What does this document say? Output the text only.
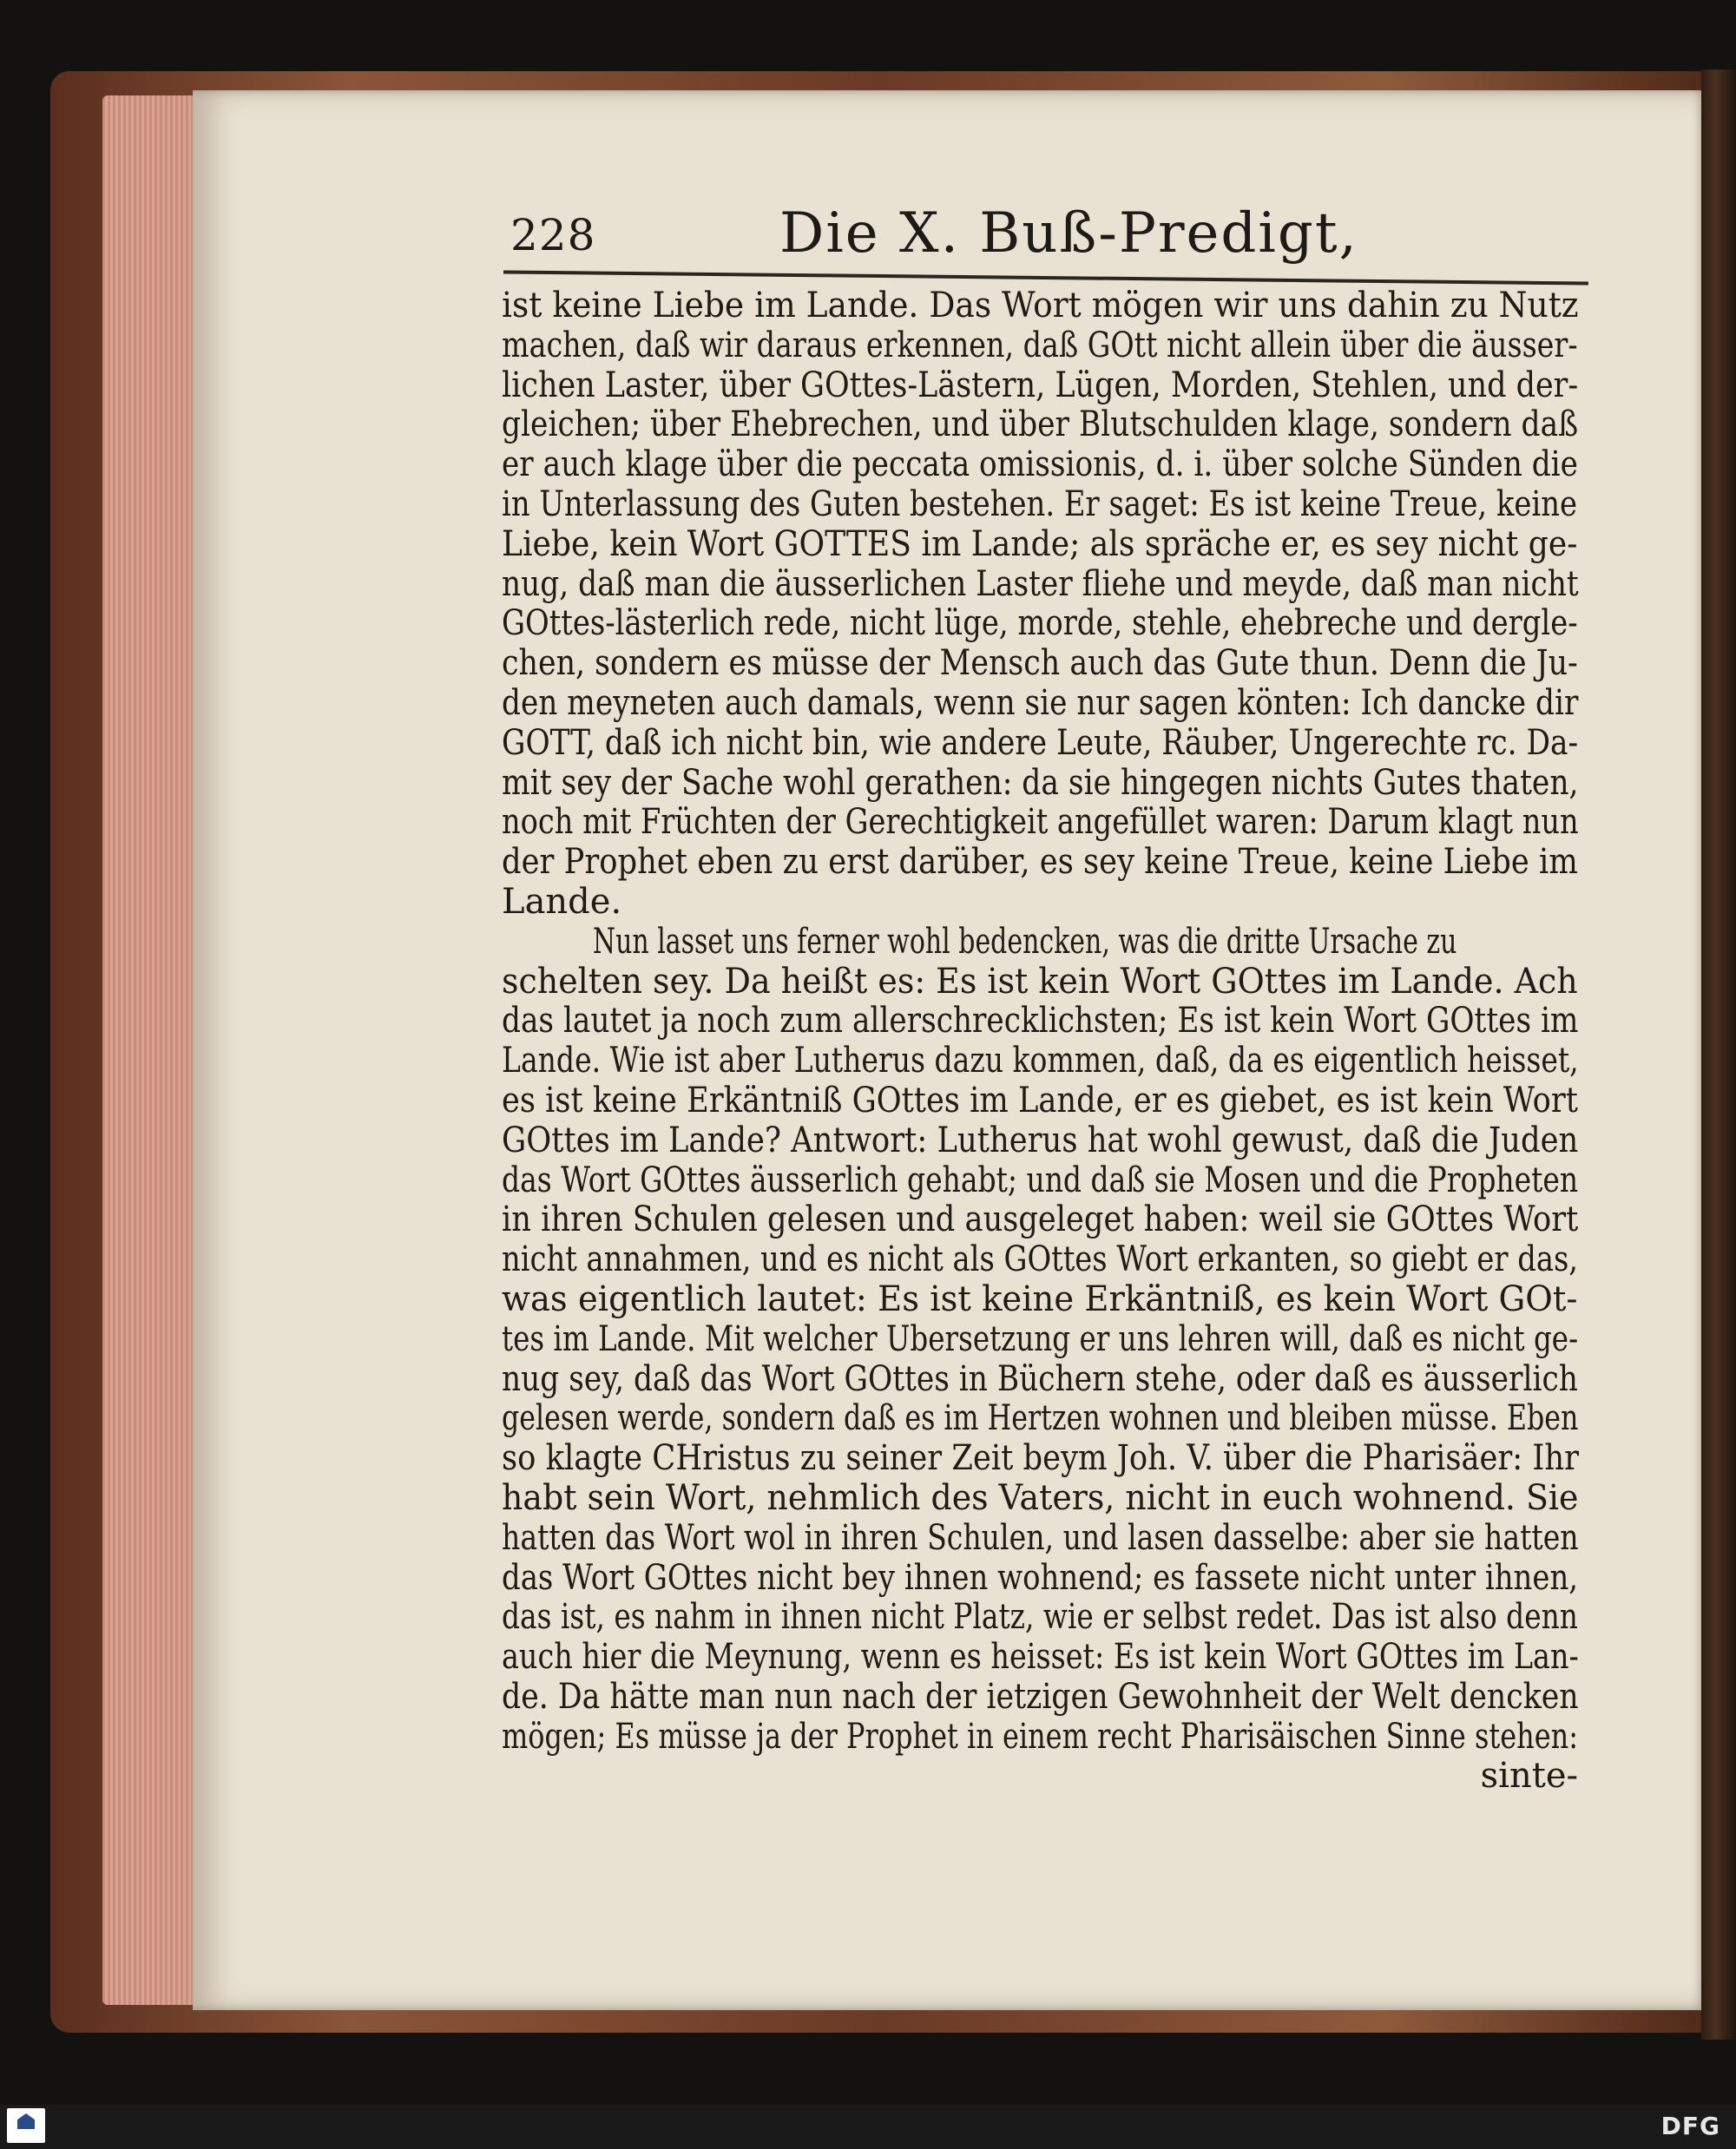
228	Die X. Buß-Predigt,
ist keine Liebe im Lande. Das Wort mögen wir uns dahin zu Nutz
machen, daß wir daraus erkennen, daß GOtt nicht allein über die äusser-
lichen Laster, über GOttes-Lästern, Lügen, Morden, Stehlen, und der-
gleichen; über Ehebrechen, und über Blutschulden klage, sondern daß
er auch klage über die peccata omissionis, d. i. über solche Sünden die
in Unterlassung des Guten bestehen. Er saget: Es ist keine Treue, keine
Liebe, kein Wort GOTTES im Lande; als spräche er, es sey nicht ge-
nug, daß man die äusserlichen Laster fliehe und meyde, daß man nicht
GOttes-lästerlich rede, nicht lüge, morde, stehle, ehebreche und dergle-
chen, sondern es müsse der Mensch auch das Gute thun. Denn die Ju-
den meyneten auch damals, wenn sie nur sagen könten: Ich dancke dir
GOTT, daß ich nicht bin, wie andere Leute, Räuber, Ungerechte rc. Da-
mit sey der Sache wohl gerathen: da sie hingegen nichts Gutes thaten,
noch mit Früchten der Gerechtigkeit angefüllet waren: Darum klagt nun
der Prophet eben zu erst darüber, es sey keine Treue, keine Liebe im
Lande.
Nun lasset uns ferner wohl bedencken, was die dritte Ursache zu
schelten sey. Da heißt es: Es ist kein Wort GOttes im Lande. Ach
das lautet ja noch zum allerschrecklichsten; Es ist kein Wort GOttes im
Lande. Wie ist aber Lutherus dazu kommen, daß, da es eigentlich heisset,
es ist keine Erkäntniß GOttes im Lande, er es giebet, es ist kein Wort
GOttes im Lande? Antwort: Lutherus hat wohl gewust, daß die Juden
das Wort GOttes äusserlich gehabt; und daß sie Mosen und die Propheten
in ihren Schulen gelesen und ausgeleget haben: weil sie GOttes Wort
nicht annahmen, und es nicht als GOttes Wort erkanten, so giebt er das,
was eigentlich lautet: Es ist keine Erkäntniß, es kein Wort GOt-
tes im Lande. Mit welcher Ubersetzung er uns lehren will, daß es nicht ge-
nug sey, daß das Wort GOttes in Büchern stehe, oder daß es äusserlich
gelesen werde, sondern daß es im Hertzen wohnen und bleiben müsse. Eben
so klagte CHristus zu seiner Zeit beym Joh. V. über die Pharisäer: Ihr
habt sein Wort, nehmlich des Vaters, nicht in euch wohnend. Sie
hatten das Wort wol in ihren Schulen, und lasen dasselbe: aber sie hatten
das Wort GOttes nicht bey ihnen wohnend; es fassete nicht unter ihnen,
das ist, es nahm in ihnen nicht Platz, wie er selbst redet. Das ist also denn
auch hier die Meynung, wenn es heisset: Es ist kein Wort GOttes im Lan-
de. Da hätte man nun nach der ietzigen Gewohnheit der Welt dencken
mögen; Es müsse ja der Prophet in einem recht Pharisäischen Sinne stehen:
sinte-
DFG
